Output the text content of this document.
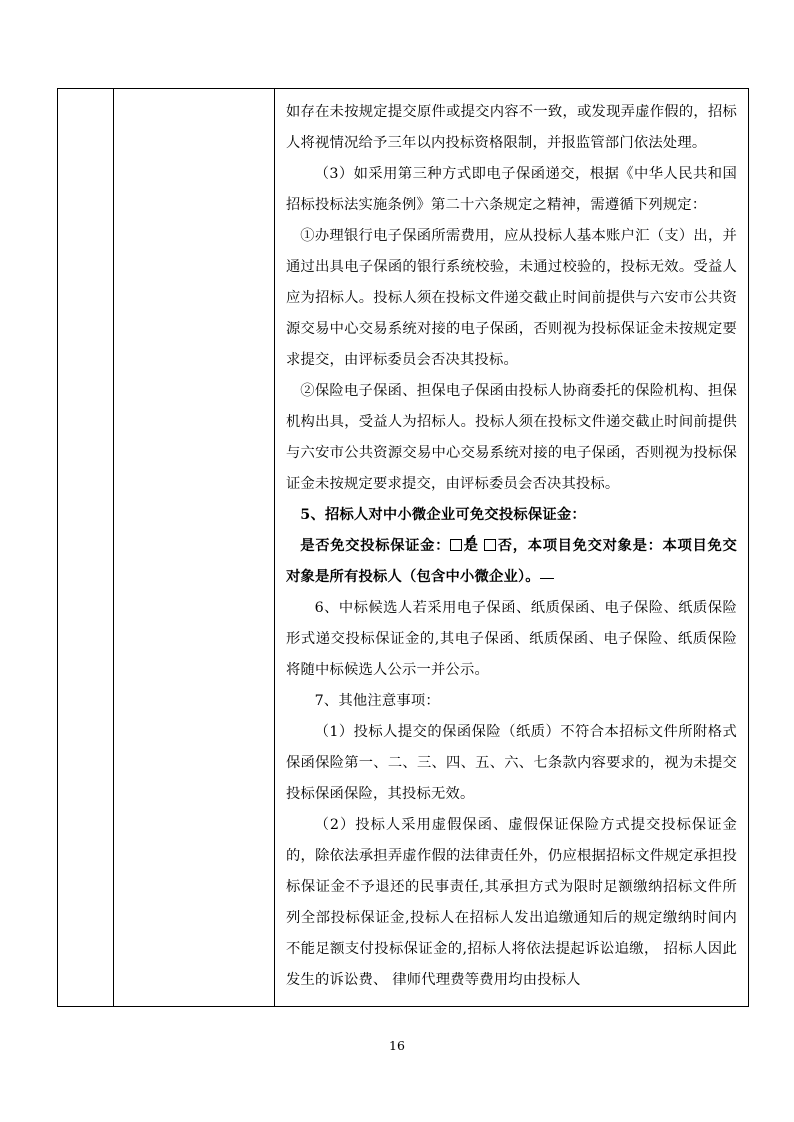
如存在未按规定提交原件或提交内容不一致，或发现弄虚作假的，招标人将视情况给予三年以内投标资格限制，并报监管部门依法处理。

（3）如采用第三种方式即电子保函递交，根据《中华人民共和国招标投标法实施条例》第二十六条规定之精神，需遵循下列规定：

①办理银行电子保函所需费用，应从投标人基本账户汇（支）出，并通过出具电子保函的银行系统校验，未通过校验的，投标无效。受益人应为招标人。投标人须在投标文件递交截止时间前提供与六安市公共资源交易中心交易系统对接的电子保函，否则视为投标保证金未按规定要求提交，由评标委员会否决其投标。

②保险电子保函、担保电子保函由投标人协商委托的保险机构、担保机构出具，受益人为招标人。投标人须在投标文件递交截止时间前提供与六安市公共资源交易中心交易系统对接的电子保函，否则视为投标保证金未按规定要求提交，由评标委员会否决其投标。

5、招标人对中小微企业可免交投标保证金：

是否免交投标保证金： ✓ 是 否，本项目免交对象是：本项目免交对象是所有投标人（包含中小微企业）。

6、中标候选人若采用电子保函、纸质保函、电子保险、纸质保险形式递交投标保证金的,其电子保函、纸质保函、电子保险、纸质保险将随中标候选人公示一并公示。

7、其他注意事项：

（1）投标人提交的保函保险（纸质）不符合本招标文件所附格式保函保险第一、二、三、四、五、六、七条款内容要求的，视为未提交投标保函保险，其投标无效。

（2）投标人采用虚假保函、虚假保证保险方式提交投标保证金的，除依法承担弄虚作假的法律责任外，仍应根据招标文件规定承担投标保证金不予退还的民事责任,其承担方式为限时足额缴纳招标文件所列全部投标保证金,投标人在招标人发出追缴通知后的规定缴纳时间内不能足额支付投标保证金的,招标人将依法提起诉讼追缴， 招标人因此发生的诉讼费、 律师代理费等费用均由投标人

16
